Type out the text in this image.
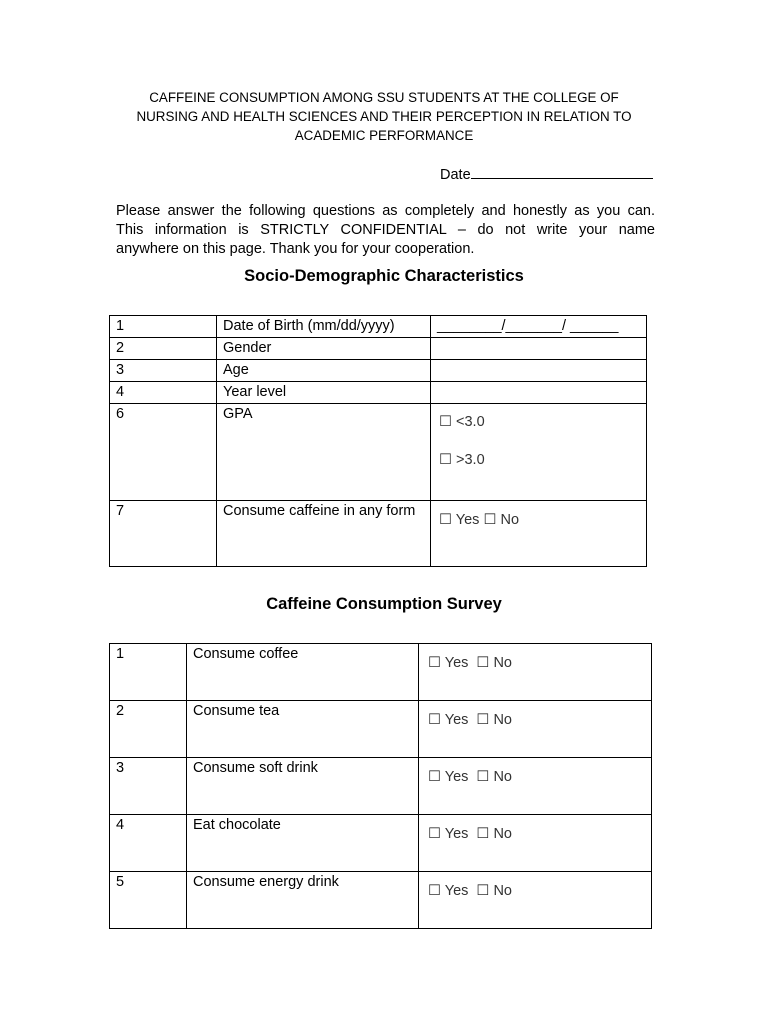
CAFFEINE CONSUMPTION AMONG SSU STUDENTS AT THE COLLEGE OF
NURSING AND HEALTH SCIENCES AND THEIR PERCEPTION IN RELATION TO
ACADEMIC PERFORMANCE
Date
Please answer the following questions as completely and honestly as you can.
This information is STRICTLY CONFIDENTIAL – do not write your name
anywhere on this page. Thank you for your cooperation.
Socio-Demographic Characteristics
1	Date of Birth (mm/dd/yyyy)	________/_______/ ______
2	Gender	
3	Age	
4	Year level	
6	GPA	☐ <3.0
☐ >3.0

7	Consume caffeine in any form	☐ Yes ☐ No
Caffeine Consumption Survey
1	Consume coffee	☐ Yes ☐ No
2	Consume tea	☐ Yes ☐ No
3	Consume soft drink	☐ Yes ☐ No
4	Eat chocolate	☐ Yes ☐ No
5	Consume energy drink	☐ Yes ☐ No
